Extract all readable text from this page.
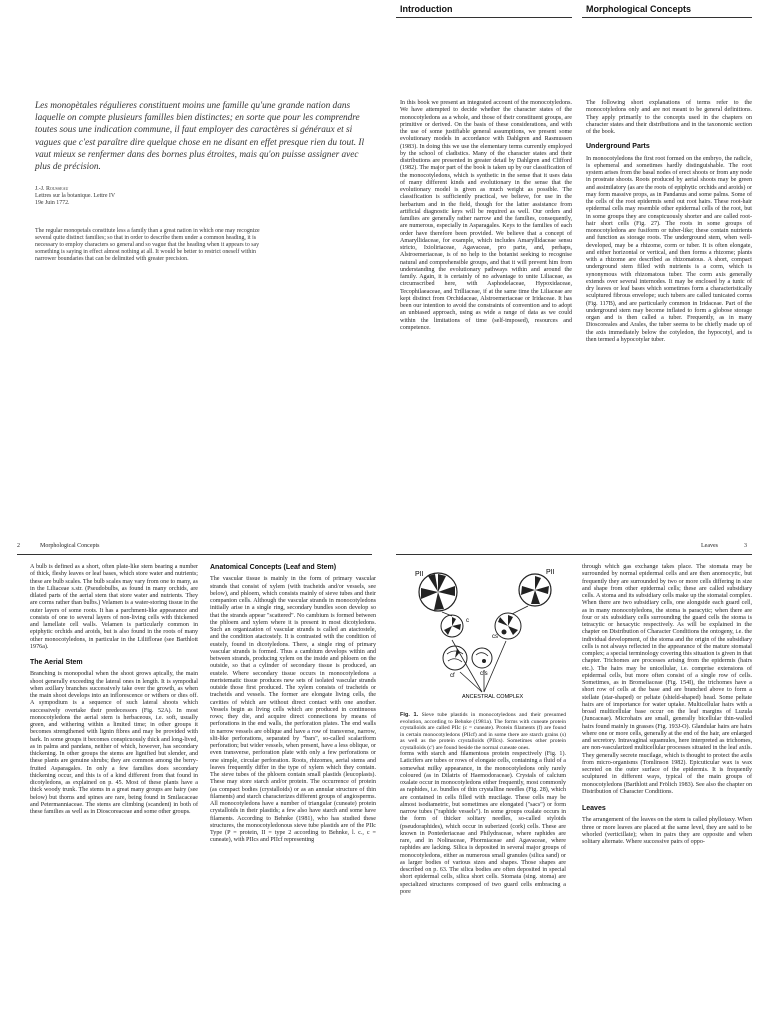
Introduction	Morphological Concepts
Les monopètales régulieres constituent moins une famille qu'une grande nation dans laquelle on compte plusieurs familles bien distinctes; en sorte que pour les comprendre toutes sous une indication commune, il faut employer des caractères si généraux et si vagues que c'est paraître dire quelque chose en ne disant en effet presque rien du tout. Il vaut mieux se renfermer dans des bornes plus étroites, mais qu'on puisse assigner avec plus de précision.
J.-J. Rousseau
Lettres sur la botanique. Lettre IV
19e Juin 1772.
The regular monopetals constitute less a family than a great nation in which one may recognize several quite distinct families; so that in order to describe them under a common heading, it is necessary to employ characters so general and so vague that the heading when it appears to say something is saying in effect almost nothing at all. It would be better to restrict oneself within narrower boundaries that can be delimited with greater precision.

In this book we present an integrated account of the monocotyledons. We have attempted to decide whether the character states of the monocotyledons as a whole, and those of their constituent groups, are primitive or derived. On the basis of these considerations, and with the use of some justifiable general assumptions, we present some evolutionary models in accordance with Dahlgren and Rasmussen (1983). In doing this we use the elementary terms currently employed by the school of cladistics. Many of the character states and their distributions are presented in greater detail by Dahlgren and Clifford (1982). The major part of the book is taken up by our classification of the monocotyledons, which is synthetic in the sense that it uses data of many different kinds and evolutionary in the sense that the evolutionary model is given as much weight as possible. The classification is sufficiently practical, we believe, for use in the herbarium and in the field, though for the latter assistance from artificial diagnostic keys will be required as well. Our orders and families are generally rather narrow and the families, consequently, are numerous, especially in Asparagales. Keys to the families of each order have therefore been provided. We believe that a concept of Amaryllidaceae, for example, which includes Amaryllidaceae sensu stricto, Ixioliriaceae, Agavaceae, pro parte, and, perhaps, Alstroemeriaceae, is of no help to the botanist seeking to recognise natural and comprehensible groups, and that it will prevent him from understanding the evolutionary pathways within and around the family. Again, it is certainly of no advantage to unite Liliaceae, as circumscribed here, with Asphodelaceae, Hypoxidaceae, Tecophilaeaceae, and Trilliaceae, if at the same time the Liliaceae are kept distinct from Orchidaceae, Alstroemeriaceae or Iridaceae. It has been our intention to avoid the constraints of convention and to adopt an unbiased approach, using as wide a range of data as we could within the limitations of time (self-imposed), resources and competence.

The following short explanations of terms refer to the monocotyledons only and are not meant to be general definitions. They apply primarily to the concepts used in the chapters on character states and their distributions and in the taxonomic section of the book.

Underground Parts

In monocotyledons the first root formed on the embryo, the radicle, is ephemeral and sometimes hardly distinguishable. The root system arises from the basal nodes of erect shoots or from any node in prostrate shoots. Roots produced by aerial shoots may be green and assimilatory (as are the roots of epiphytic orchids and aroids) or may form massive props, as in Pandanus and some palms. Some of the cells of the root epidermis send out root hairs. These root-hair epidermal cells may resemble other epidermal cells of the root, but in some groups they are conspicuously shorter and are called root-hair short cells (Fig. 27). The roots in some groups of monocotyledons are fusiform or tuber-like; these contain nutrients and function as storage roots. The underground stem, when well-developed, may be a rhizome, corm or tuber. It is often elongate, and either horizontal or vertical, and then forms a rhizome; plants with a rhizome are described as rhizomatous. A short, compact underground stem filled with nutrients is a corm, which is synonymous with rhizomatous tuber. The corm axis generally extends over several internodes. It may be enclosed by a tunic of dry leaves or leaf bases which sometimes form a characteristically sculptured fibrous envelope; such tubers are called tunicated corms (Fig. 117B), and are particularly common in Iridaceae. Part of the underground stem may become inflated to form a globose storage organ and is then called a tuber. Frequently, as in many Dioscoreales and Arales, the tuber seems to be chiefly made up of the axis immediately below the cotyledon, the hypocotyl, and is then termed a hypocotylar tuber.

2	Morphological Concepts	Leaves	3

A bulb is defined as a short, often plate-like stem bearing a number of thick, fleshy leaves or leaf bases, which store water and nutrients; these are bulb scales. The bulb scales may vary from one to many, as in the Liliaceae s.str. (Pseudobulbs, as found in many orchids, are dilated parts of the aerial stem that store water and nutrients. They are corms rather than bulbs.) Velamen is a water-storing tissue in the outer layers of some roots. It has a parchment-like appearance and consists of one to several layers of non-living cells with thickened and lamellate cell walls. Velamen is particularly common in epiphytic orchids and aroids, but is also found in the roots of many other monocotyledons, in particular in the Liliiflorae (see Barthlott 1976a).

The Aerial Stem

Branching is monopodial when the shoot grows apically, the main shoot generally exceeding the lateral ones in length. It is sympodial when axillary branches successively take over the growth, as when the main shoot develops into an inflorescence or withers or dies off. A sympodium is a sequence of such lateral shoots which successively overtake their predecessors (Fig. 52A). In most monocotyledons the aerial stem is herbaceous, i.e. soft, usually green, and withering within a limited time; in other groups it becomes strengthened with lignin fibres and may be provided with bark. In some groups it becomes conspicuously thick and long-lived, as in palms and pandans, neither of which, however, has secondary thickening. In other groups the stems are lignified but slender, and these plants are genuine shrubs; they are common among the berry-fruited Asparagales. In only a few families does secondary thickening occur, and this is of a kind different from that found in dicotyledons, as explained on p. 45. Most of these plants have a thick woody trunk. The stems in a great many groups are hairy (see below) but thorns and spines are rare, being found in Smilacaceae and Petermanniaceae. The stems are climbing (scandent) in both of these families as well as in Dioscoreaceae and some other groups.

Anatomical Concepts (Leaf and Stem)

The vascular tissue is mainly in the form of primary vascular strands that consist of xylem (with tracheids and/or vessels, see below), and phloem, which consists mainly of sieve tubes and their companion cells. Although the vascular strands in monocotyledons initially arise in a single ring, secondary bundles soon develop so that the strands appear "scattered". No cambium is formed between the phloem and xylem where it is present in most dicotyledons. Such an organization of vascular strands is called an atactostele, and the condition atactostely. It is contrasted with the condition of eustely, found in dicotyledons. There, a single ring of primary vascular strands is formed. Thus a cambium develops within and between strands, producing xylem on the inside and phloem on the outside, so that a cylinder of secondary tissue is produced, an eustele. Where secondary tissue occurs in monocotyledons a meristematic tissue produces new sets of isolated vascular strands outside those first produced. The xylem consists of tracheids or tracheids and vessels. The former are elongate living cells, the cavities of which are without direct contact with one another. Vessels begin as living cells which are produced in continuous rows; they die, and acquire direct connections by means of perforations in the end walls, the perforation plates. The end walls in narrow vessels are oblique and have a row of transverse, narrow, slit-like perforations, separated by "bars", so-called scalariform perforation; but wider vessels, when present, have a less oblique, or even transverse, perforation plate with only a few perforations or one simple, circular perforation. Roots, rhizomes, aerial stems and leaves frequently differ in the type of xylem which they contain. The sieve tubes of the phloem contain small plastids (leucoplasts). These may store starch and/or protein. The occurrence of protein (as compact bodies (crystalloids) or as an annular structure of thin filaments) and starch characterizes different groups of angiosperms. All monocotyledons have a number of triangular (cuneate) protein crystalloids in their plastids; a few also have starch and some have filaments. According to Behnke (1981), who has studied these structures, the monocotyledonous sieve tube plastids are of the PIIc Type (P = protein, II = type 2 according to Behnke, l. c., c = cuneate), with PIIcs and PIIcf representing

PII	PII
c
cs
cf	cfs
ANCESTRAL COMPLEX

Fig. 1. Sieve tube plastids in monocotyledons and their presumed evolution, according to Behnke (1981a). The forms with cuneate protein crystalloids are called PIIc (c = cuneate). Protein filaments (f) are found in certain monocotyledons (PIIcf) and in some there are starch grains (s) as well as the protein crystalloids (PIIcs). Sometimes other protein crystalloids (c') are found beside the normal cuneate ones.

forms with starch and filamentous protein respectively (Fig. 1). Laticifers are tubes or rows of elongate cells, containing a fluid of a somewhat milky appearance, in the monocotyledons only rarely coloured (as in Dilatris of Haemodoraceae). Crystals of calcium oxalate occur in monocotyledons either frequently, most commonly as raphides, i.e. bundles of thin crystalline needles (Fig. 28), which are contained in cells filled with mucilage. These cells may be almost isodiametric, but sometimes are elongated ("sacs") or form narrow tubes ("raphide vessels"). In some groups oxalate occurs in the form of thicker solitary needles, so-called styloids (pseudoraphides), which occur in suberized (cork) cells. These are known in Pontederiaceae and Philydraceae, where raphides are rare, and in Nolinaceae, Phormiaceae and Agavaceae, where raphides are lacking. Silica is deposited in several major groups of monocotyledons, either as numerous small granules (silica sand) or as larger bodies of various sizes and shapes. Those shapes are described on p. 63. The silica bodies are often deposited in special short epidermal cells, silica short cells. Stomata (sing. stoma) are specialized structures composed of two guard cells embracing a pore

through which gas exchange takes place. The stomata may be surrounded by normal epidermal cells and are then anomocytic, but frequently they are surrounded by two or more cells differing in size and shape from other epidermal cells; these are called subsidiary cells. A stoma and its subsidiary cells make up the stomatal complex. When there are two subsidiary cells, one alongside each guard cell, as in many monocotyledons, the stoma is paracytic; when there are four or six subsidiary cells surrounding the guard cells the stoma is tetracytic or hexacytic respectively. As will be explained in the chapter on Distribution of Character Conditions the ontogeny, i.e. the individual development, of the stoma and the origin of the subsidiary cells is not always reflected in the appearance of the mature stomatal complex; a special terminology covering this situation is given in that chapter. Trichomes are processes arising from the epidermis (hairs etc.). The hairs may be unicellular, i.e. comprise extensions of epidermal cells, but more often consist of a single row of cells. Sometimes, as in Bromeliaceae (Fig. 154I), the trichomes have a short row of cells at the base and are branched above to form a stellate (star-shaped) or peltate (shield-shaped) head. Some peltate hairs are of importance for water uptake. Multicellular hairs with a broad multicellular base occur on the leaf margins of Luzula (Juncaceae). Microhairs are small, generally bicellular thin-walled hairs found mainly in grasses (Fig. 193J-O). Glandular hairs are hairs where one or more cells, generally at the end of the hair, are enlarged and secretory. Intravaginal squamules, here interpreted as trichomes, are non-vascularized multicellular processes situated in the leaf axils. They generally secrete mucilage, which is thought to protect the axils from micro-organisms (Tomlinson 1982). Epicuticular wax is wax secreted on the outer surface of the epidermis. It is frequently sculptured in different ways, typical of the main groups of monocotyledons (Barthlott and Frölich 1983). See also the chapter on Distribution of Character Conditions.

Leaves

The arrangement of the leaves on the stem is called phyllotaxy. When three or more leaves are placed at the same level, they are said to be whorled (verticillate); when in pairs they are opposite and when solitary alternate. Where successive pairs of oppo-
